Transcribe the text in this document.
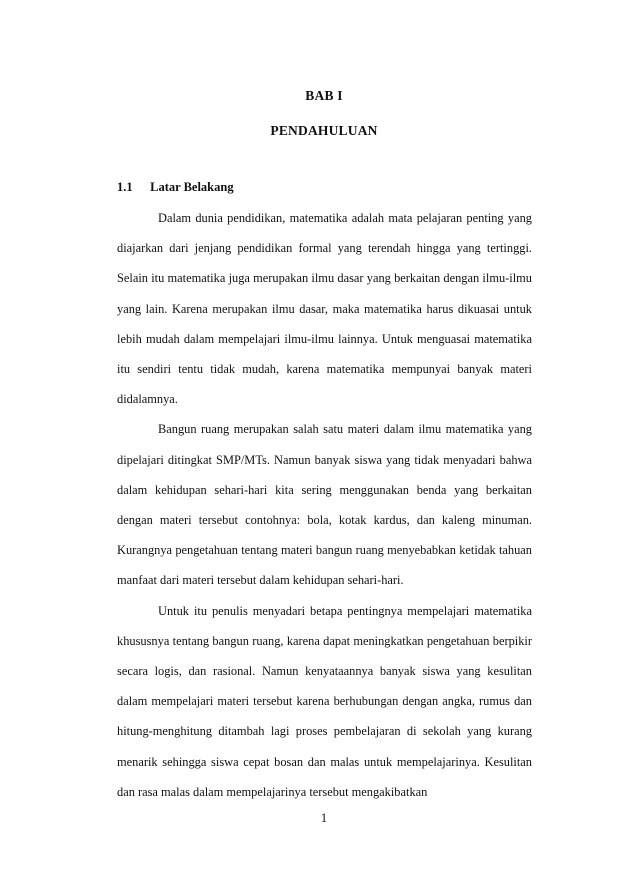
BAB I
PENDAHULUAN
1.1 Latar Belakang

Dalam dunia pendidikan, matematika adalah mata pelajaran penting yang diajarkan dari jenjang pendidikan formal yang terendah hingga yang tertinggi. Selain itu matematika juga merupakan ilmu dasar yang berkaitan dengan ilmu-ilmu yang lain. Karena merupakan ilmu dasar, maka matematika harus dikuasai untuk lebih mudah dalam mempelajari ilmu-ilmu lainnya. Untuk menguasai matematika itu sendiri tentu tidak mudah, karena matematika mempunyai banyak materi didalamnya.

Bangun ruang merupakan salah satu materi dalam ilmu matematika yang dipelajari ditingkat SMP/MTs. Namun banyak siswa yang tidak menyadari bahwa dalam kehidupan sehari-hari kita sering menggunakan benda yang berkaitan dengan materi tersebut contohnya: bola, kotak kardus, dan kaleng minuman. Kurangnya pengetahuan tentang materi bangun ruang menyebabkan ketidak tahuan manfaat dari materi tersebut dalam kehidupan sehari-hari.

Untuk itu penulis menyadari betapa pentingnya mempelajari matematika khususnya tentang bangun ruang, karena dapat meningkatkan pengetahuan berpikir secara logis, dan rasional. Namun kenyataannya banyak siswa yang kesulitan dalam mempelajari materi tersebut karena berhubungan dengan angka, rumus dan hitung-menghitung ditambah lagi proses pembelajaran di sekolah yang kurang menarik sehingga siswa cepat bosan dan malas untuk mempelajarinya. Kesulitan dan rasa malas dalam mempelajarinya tersebut mengakibatkan

1
